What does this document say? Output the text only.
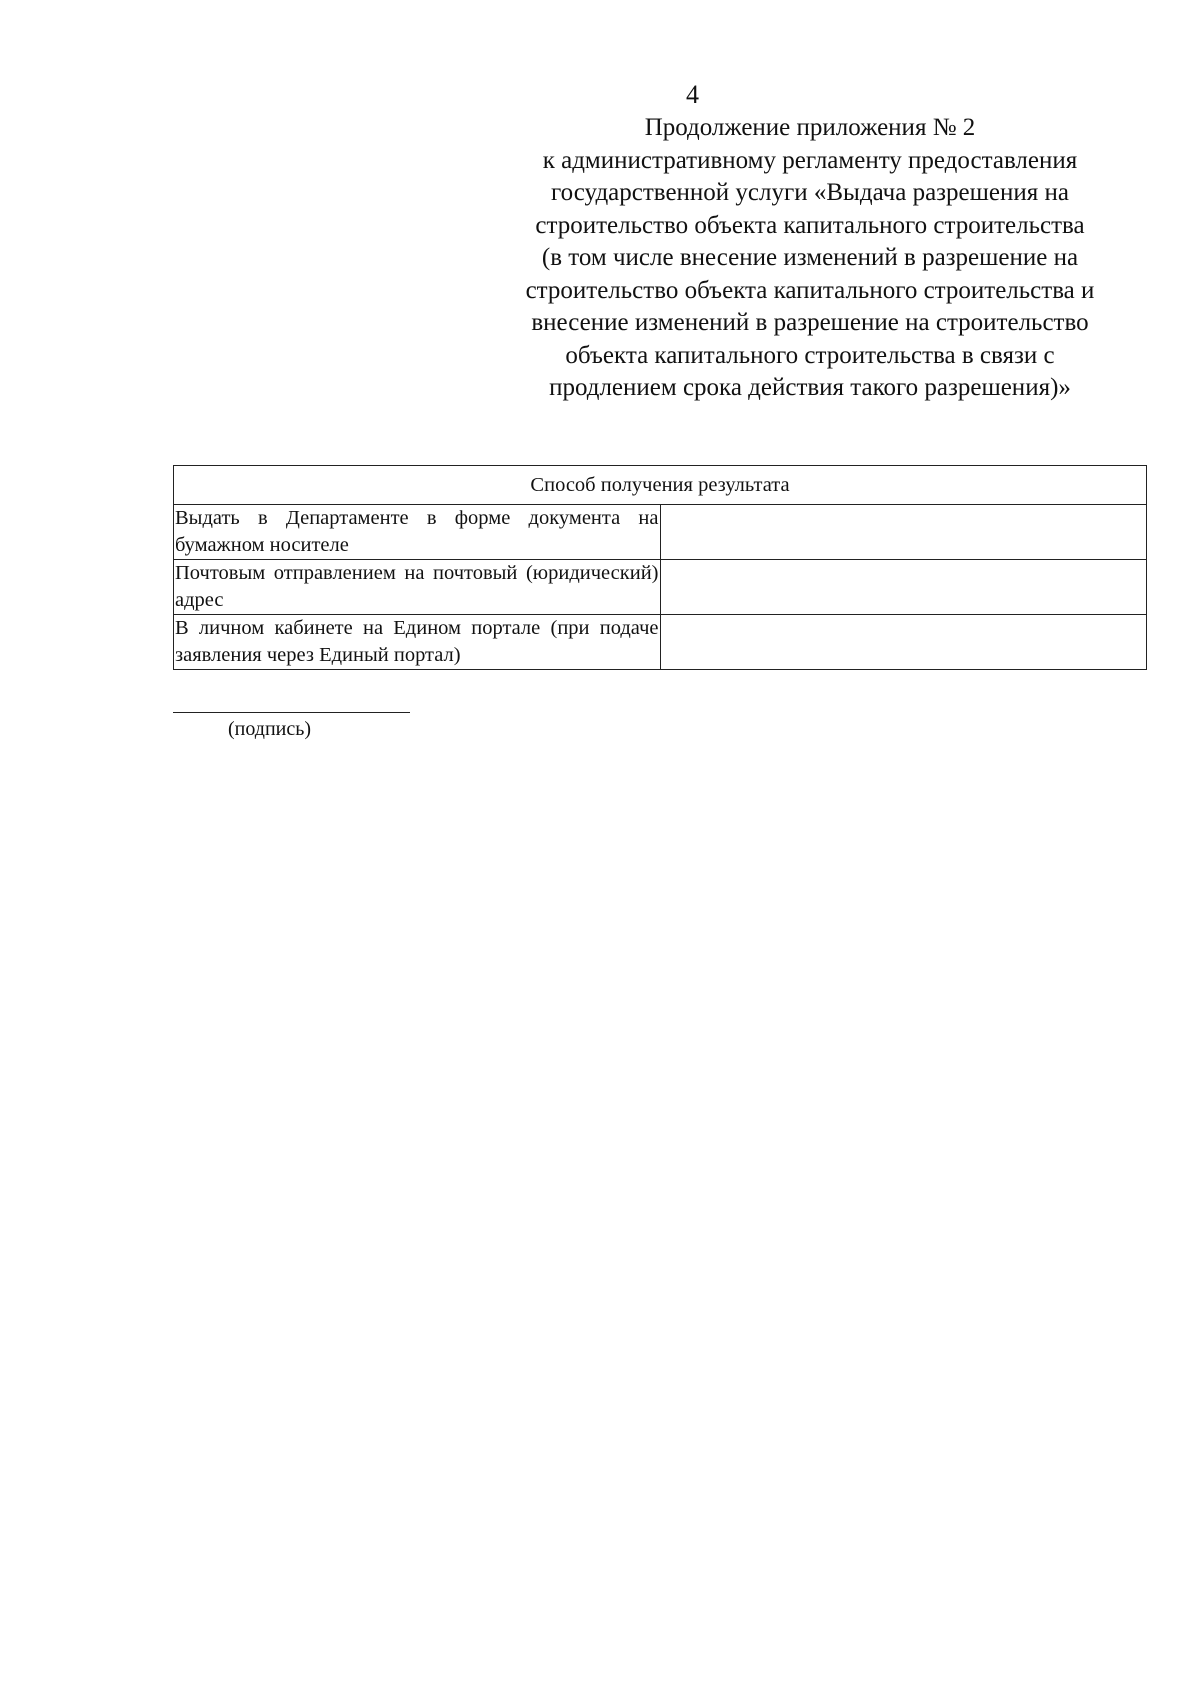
4
Продолжение приложения № 2
к административному регламенту предоставления
государственной услуги «Выдача разрешения на
строительство объекта капитального строительства
(в том числе внесение изменений в разрешение на
строительство объекта капитального строительства и
внесение изменений в разрешение на строительство
объекта капитального строительства в связи с
продлением срока действия такого разрешения)»
Способ получения результата	
Выдать в Департаменте в форме документа на бумажном носителе	
Почтовым отправлением на почтовый (юридический) адрес	
В личном кабинете на Едином портале (при подаче заявления через Единый портал)	
(подпись)
